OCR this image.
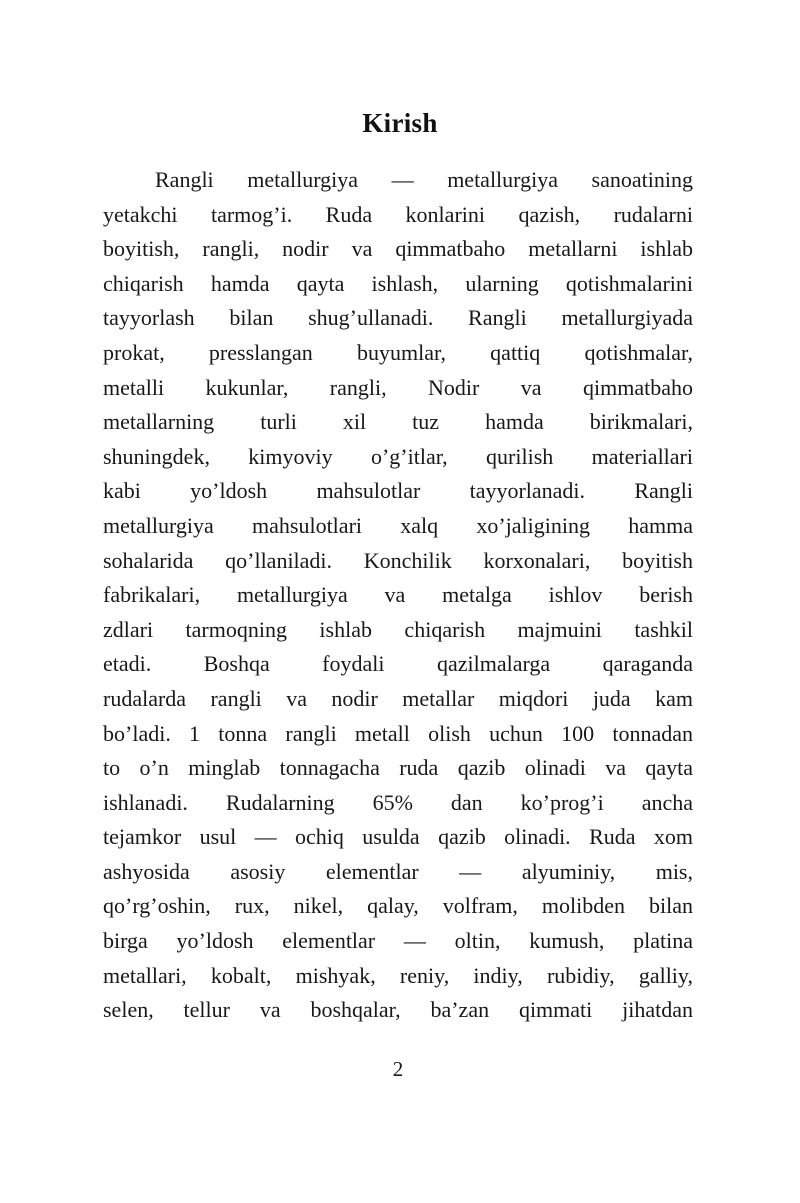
Kirish
Rangli metallurgiya — metallurgiya sanoatining
yetakchi tarmog’i. Ruda konlarini qazish, rudalarni
boyitish, rangli, nodir va qimmatbaho metallarni ishlab
chiqarish hamda qayta ishlash, ularning qotishmalarini
tayyorlash bilan shug’ullanadi. Rangli metallurgiyada
prokat, presslangan buyumlar, qattiq qotishmalar,
metalli kukunlar, rangli, Nodir va qimmatbaho
metallarning turli xil tuz hamda birikmalari,
shuningdek, kimyoviy o’g’itlar, qurilish materiallari
kabi yo’ldosh mahsulotlar tayyorlanadi. Rangli
metallurgiya mahsulotlari xalq xo’jaligining hamma
sohalarida qo’llaniladi. Konchilik korxonalari, boyitish
fabrikalari, metallurgiya va metalga ishlov berish
zdlari tarmoqning ishlab chiqarish majmuini tashkil
etadi. Boshqa foydali qazilmalarga qaraganda
rudalarda rangli va nodir metallar miqdori juda kam
bo’ladi. 1 tonna rangli metall olish uchun 100 tonnadan
to o’n minglab tonnagacha ruda qazib olinadi va qayta
ishlanadi. Rudalarning 65% dan ko’prog’i ancha
tejamkor usul — ochiq usulda qazib olinadi. Ruda xom
ashyosida asosiy elementlar — alyuminiy, mis,
qo’rg’oshin, rux, nikel, qalay, volfram, molibden bilan
birga yo’ldosh elementlar — oltin, kumush, platina
metallari, kobalt, mishyak, reniy, indiy, rubidiy, galliy,
selen, tellur va boshqalar, ba’zan qimmati jihatdan
2
